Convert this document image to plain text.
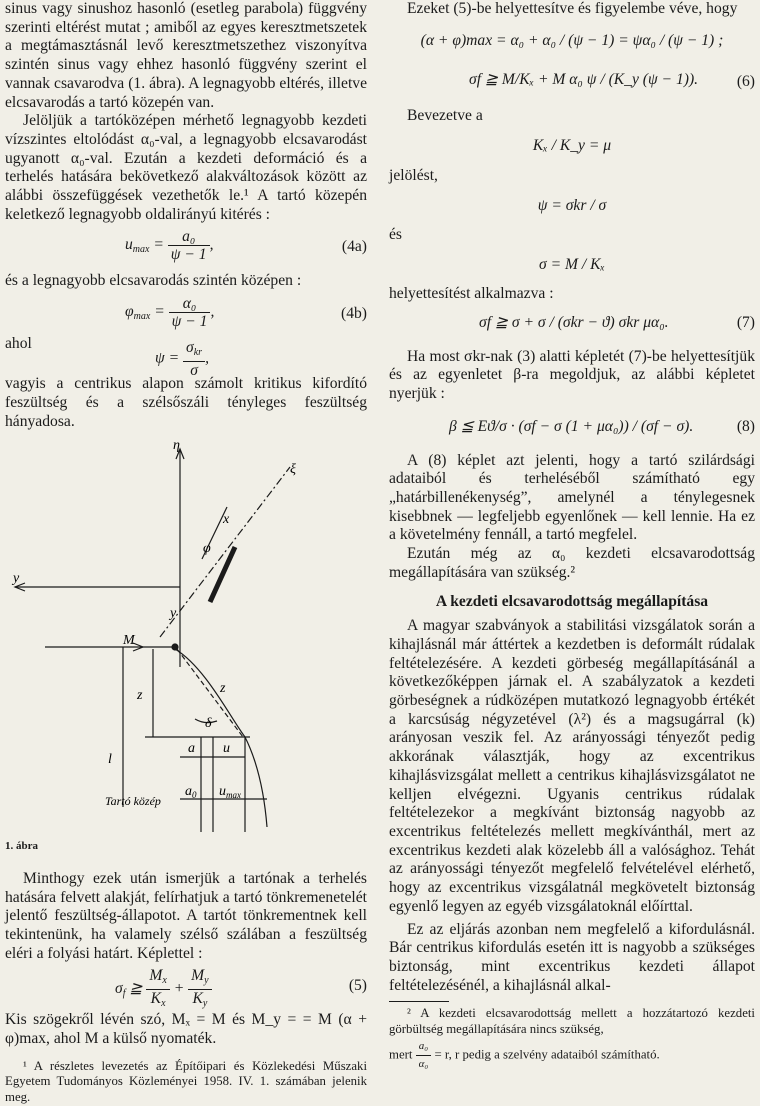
sinus vagy sinushoz hasonló (esetleg parabola) függvény szerinti eltérést mutat ; amiből az egyes keresztmetszetek a megtámasztásnál levő keresztmetszethez viszonyítva szintén sinus vagy ehhez hasonló függvény szerint el vannak csavarodva (1. ábra). A legnagyobb eltérés, illetve elcsavarodás a tartó közepén van.

Jelöljük a tartóközépen mérhető legnagyobb kezdeti vízszintes eltolódást α₀-val, a legnagyobb elcsavarodást ugyanott α₀-val. Ezután a kezdeti deformáció és a terhelés hatására bekövetkező alakváltozások között az alábbi összefüggések vezethetők le.¹ A tartó közepén keletkező legnagyobb oldalirányú kitérés :

$u_{max} = \frac{\text{a₀}}{\psi - 1}$ ,	(4a)

és a legnagyobb elcsavarodás szintén középen :

$\varphi_{max} = \frac{\text{α₀}}{\psi - 1}$ ,	(4b)
ahol
$\psi = \frac{\sigma_{kr}}{\sigma}$ ,

vagyis a centrikus alapon számolt kritikus kifordító feszültség és a szélsőszáli tényleges feszültség hányadosa.

η
ξ
y
x
y
φ
M
z	z
δ
l
a u
$a_0$ $u_{max}$
Tartó közép
1. ábra

Minthogy ezek után ismerjük a tartónak a terhelés hatására felvett alakját, felírhatjuk a tartó tönkremenetelét jelentő feszültség-állapotot. A tartót tönkrementnek kell tekintenünk, ha valamely szélső szálában a feszültség eléri a folyási határt. Képlettel :

$\sigma_f$ ≧ $\frac{M_x}{K_x} + \frac{M_y}{K_y}$	(5)

Kis szögekről lévén szó, Mₓ = M és M_y = = M (α + φ)max, ahol M a külső nyomaték.

¹ A részletes levezetés az Építőipari és Közlekedési Műszaki Egyetem Tudományos Közleményei 1958. IV. 1. számában jelenik meg.

Ezeket (5)-be helyettesítve és figyelembe véve, hogy

(α + φ)max = α₀ + α₀ / (ψ − 1) = ψα₀ / (ψ − 1) ;
σf ≧ M/Kₓ + M α₀ ψ / (K_y (ψ − 1)). (6)

Bevezetve a

Kₓ / K_y = μ

jelölést,

ψ = σkr / σ

és

σ = M / Kₓ

helyettesítést alkalmazva :

σf ≧ σ + σ / (σkr − ϑ) σkr μα₀.	(7)

Ha most σkr-nak (3) alatti képletét (7)-be helyettesítjük és az egyenletet β-ra megoldjuk, az alábbi képletet nyerjük :

β ≦ Eϑ/σ · (σf − σ (1 + μα₀)) / (σf − σ).	(8)

A (8) képlet azt jelenti, hogy a tartó szilárdsági adataiból és terheléséből számítható egy „határbillenékenység”, amelynél a ténylegesnek kisebbnek — legfeljebb egyenlőnek — kell lennie. Ha ez a követelmény fennáll, a tartó megfelel.

Ezután még az α₀ kezdeti elcsavarodottság megállapítására van szükség.²

A kezdeti elcsavarodottság megállapítása

A magyar szabványok a stabilitási vizsgálatok során a kihajlásnál már áttértek a kezdetben is deformált rúdalak feltételezésére. A kezdeti görbeség megállapításánál a következőképpen járnak el. A szabályzatok a kezdeti görbeségnek a rúdközépen mutatkozó legnagyobb értékét a karcsúság négyzetével (λ²) és a magsugárral (k) arányosan veszik fel. Az arányossági tényezőt pedig akkorának választják, hogy az excentrikus kihajlásvizsgálat mellett a centrikus kihajlásvizsgálatot ne kelljen elvégezni. Ugyanis centrikus rúdalak feltételezekor a megkívánt biztonság nagyobb az excentrikus feltételezés mellett megkívánthál, mert az excentrikus kezdeti alak közelebb áll a valósághoz. Tehát az arányossági tényezőt megfelelő felvételével elérhető, hogy az excentrikus vizsgálatnál megkövetelt biztonság egyenlő legyen az egyéb vizsgálatoknál előírttal.

Ez az eljárás azonban nem megfelelő a kifordulásnál. Bár centrikus kifordulás esetén itt is nagyobb a szükséges biztonság, mint excentrikus kezdeti állapot feltételezésénél, a kihajlásnál alkal-

² A kezdeti elcsavarodottság mellett a hozzátartozó kezdeti görbültség megállapítására nincs szükség,

mert $\frac{\text{a₀}}{\text{α₀}} = r$, r pedig a szelvény adataiból számítható.
